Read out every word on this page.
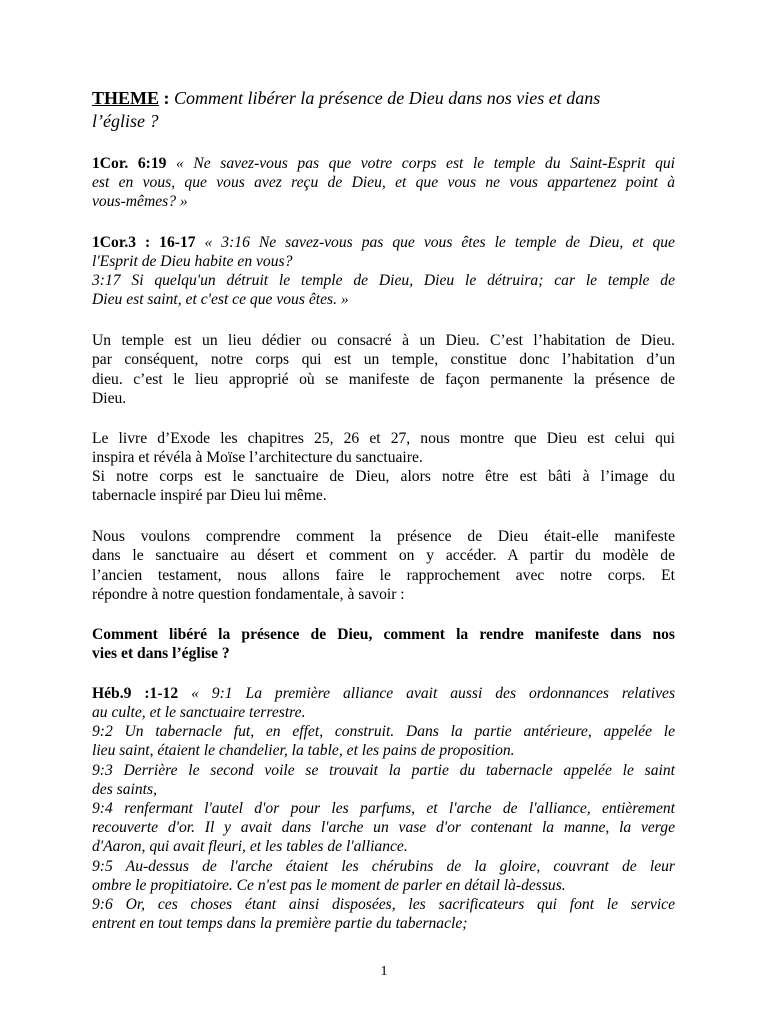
THEME : Comment libérer la présence de Dieu dans nos vies et dans
l’église ?
1Cor. 6:19 « Ne savez-vous pas que votre corps est le temple du Saint-Esprit qui
est en vous, que vous avez reçu de Dieu, et que vous ne vous appartenez point à
vous-mêmes? »
1Cor.3 : 16-17 « 3:16 Ne savez-vous pas que vous êtes le temple de Dieu, et que
l'Esprit de Dieu habite en vous?
3:17 Si quelqu'un détruit le temple de Dieu, Dieu le détruira; car le temple de
Dieu est saint, et c'est ce que vous êtes. »
Un temple est un lieu dédier ou consacré à un Dieu. C’est l’habitation de Dieu.
par conséquent, notre corps qui est un temple, constitue donc l’habitation d’un
dieu. c’est le lieu approprié où se manifeste de façon permanente la présence de
Dieu.
Le livre d’Exode les chapitres 25, 26 et 27, nous montre que Dieu est celui qui
inspira et révéla à Moïse l’architecture du sanctuaire.
Si notre corps est le sanctuaire de Dieu, alors notre être est bâti à l’image du
tabernacle inspiré par Dieu lui même.
Nous voulons comprendre comment la présence de Dieu était-elle manifeste
dans le sanctuaire au désert et comment on y accéder. A partir du modèle de
l’ancien testament, nous allons faire le rapprochement avec notre corps. Et
répondre à notre question fondamentale, à savoir :
Comment libéré la présence de Dieu, comment la rendre manifeste dans nos
vies et dans l’église ?
Héb.9 :1-12 « 9:1 La première alliance avait aussi des ordonnances relatives
au culte, et le sanctuaire terrestre.
9:2 Un tabernacle fut, en effet, construit. Dans la partie antérieure, appelée le
lieu saint, étaient le chandelier, la table, et les pains de proposition.
9:3 Derrière le second voile se trouvait la partie du tabernacle appelée le saint
des saints,
9:4 renfermant l'autel d'or pour les parfums, et l'arche de l'alliance, entièrement
recouverte d'or. Il y avait dans l'arche un vase d'or contenant la manne, la verge
d'Aaron, qui avait fleuri, et les tables de l'alliance.
9:5 Au-dessus de l'arche étaient les chérubins de la gloire, couvrant de leur
ombre le propitiatoire. Ce n'est pas le moment de parler en détail là-dessus.
9:6 Or, ces choses étant ainsi disposées, les sacrificateurs qui font le service
entrent en tout temps dans la première partie du tabernacle;
1
